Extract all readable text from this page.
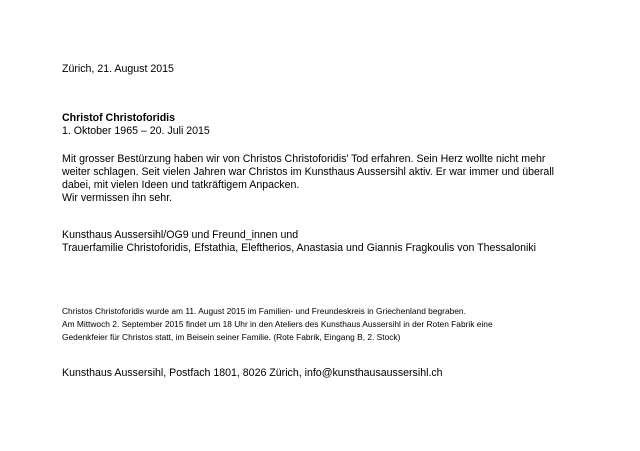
Zürich, 21. August 2015
Christof Christoforidis
1. Oktober 1965 – 20. Juli 2015
Mit grosser Bestürzung haben wir von Christos Christoforidis’ Tod erfahren. Sein Herz wollte nicht mehr
weiter schlagen. Seit vielen Jahren war Christos im Kunsthaus Aussersihl aktiv. Er war immer und überall
dabei, mit vielen Ideen und tatkräftigem Anpacken.
Wir vermissen ihn sehr.
Kunsthaus Aussersihl/OG9 und Freund_innen und
Trauerfamilie Christoforidis, Efstathia, Eleftherios, Anastasia und Giannis Fragkoulis von Thessaloniki
Christos Christoforidis wurde am 11. August 2015 im Familien- und Freundeskreis in Griechenland begraben.
Am Mittwoch 2. September 2015 findet um 18 Uhr in den Ateliers des Kunsthaus Aussersihl in der Roten Fabrik eine
Gedenkfeier für Christos statt, im Beisein seiner Familie. (Rote Fabrik, Eingang B, 2. Stock)
Kunsthaus Aussersihl, Postfach 1801, 8026 Zürich, info@kunsthausaussersihl.ch
